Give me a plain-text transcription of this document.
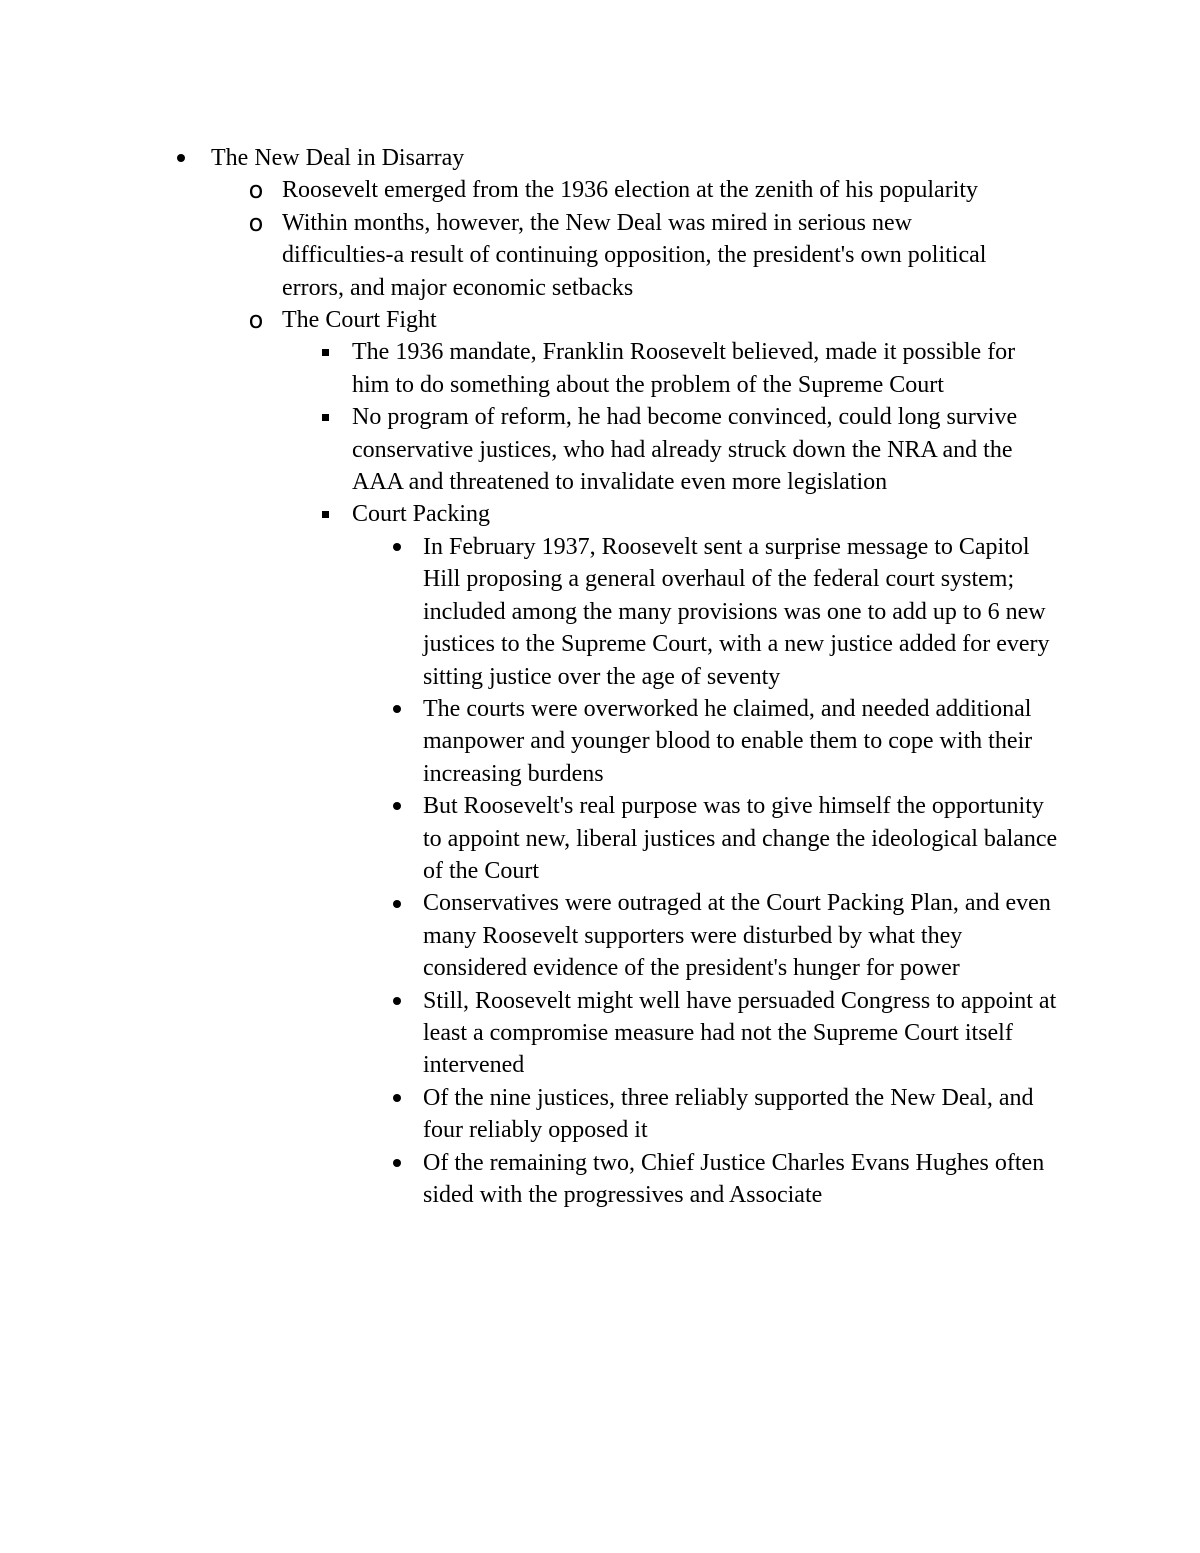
The New Deal in Disarray
o Roosevelt emerged from the 1936 election at the zenith of his popularity
o Within months, however, the New Deal was mired in serious new difficulties-a result of continuing opposition, the president's own political errors, and major economic setbacks
o The Court Fight
The 1936 mandate, Franklin Roosevelt believed, made it possible for him to do something about the problem of the Supreme Court
No program of reform, he had become convinced, could long survive conservative justices, who had already struck down the NRA and the AAA and threatened to invalidate even more legislation
Court Packing
In February 1937, Roosevelt sent a surprise message to Capitol Hill proposing a general overhaul of the federal court system; included among the many provisions was one to add up to 6 new justices to the Supreme Court, with a new justice added for every sitting justice over the age of seventy
The courts were overworked he claimed, and needed additional manpower and younger blood to enable them to cope with their increasing burdens
But Roosevelt's real purpose was to give himself the opportunity to appoint new, liberal justices and change the ideological balance of the Court
Conservatives were outraged at the Court Packing Plan, and even many Roosevelt supporters were disturbed by what they considered evidence of the president's hunger for power
Still, Roosevelt might well have persuaded Congress to appoint at least a compromise measure had not the Supreme Court itself intervened
Of the nine justices, three reliably supported the New Deal, and four reliably opposed it
Of the remaining two, Chief Justice Charles Evans Hughes often sided with the progressives and Associate
